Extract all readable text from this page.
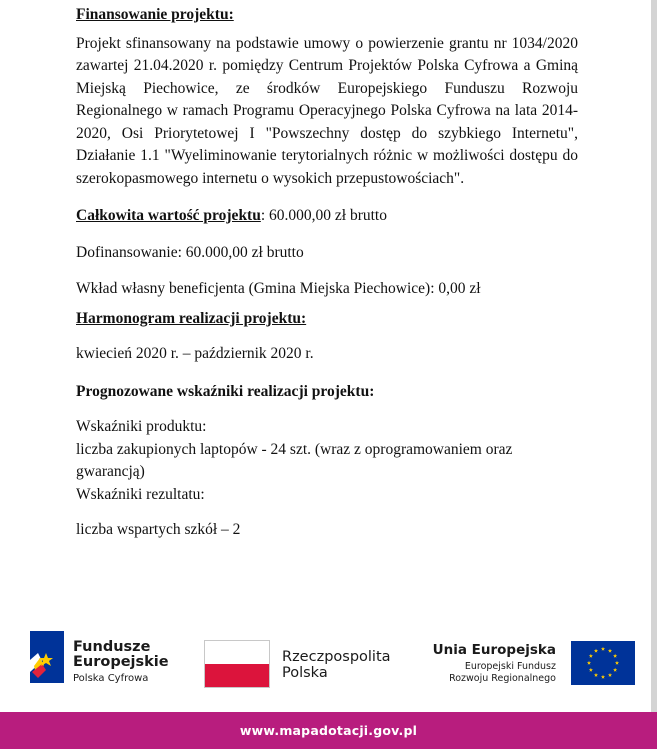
Finansowanie projektu:

Projekt sfinansowany na podstawie umowy o powierzenie grantu nr 1034/2020 zawartej 21.04.2020 r. pomiędzy Centrum Projektów Polska Cyfrowa a Gminą Miejską Piechowice, ze środków Europejskiego Funduszu Rozwoju Regionalnego w ramach Programu Operacyjnego Polska Cyfrowa na lata 2014-2020, Osi Priorytetowej I "Powszechny dostęp do szybkiego Internetu", Działanie 1.1 "Wyeliminowanie terytorialnych różnic w możliwości dostępu do szerokopasmowego internetu o wysokich przepustowościach".

Całkowita wartość projektu: 60.000,00 zł brutto

Dofinansowanie: 60.000,00 zł brutto

Wkład własny beneficjenta (Gmina Miejska Piechowice): 0,00 zł

Harmonogram realizacji projektu:

kwiecień 2020 r. – październik 2020 r.

Prognozowane wskaźniki realizacji projektu:

Wskaźniki produktu:

liczba zakupionych laptopów - 24 szt. (wraz z oprogramowaniem oraz gwarancją)

Wskaźniki rezultatu:

liczba wspartych szkół – 2

Fundusze
Europejskie
Polska Cyfrowa
Rzeczpospolita
Polska
Unia Europejska
Europejski Fundusz
Rozwoju Regionalnego
www.mapadotacji.gov.pl
